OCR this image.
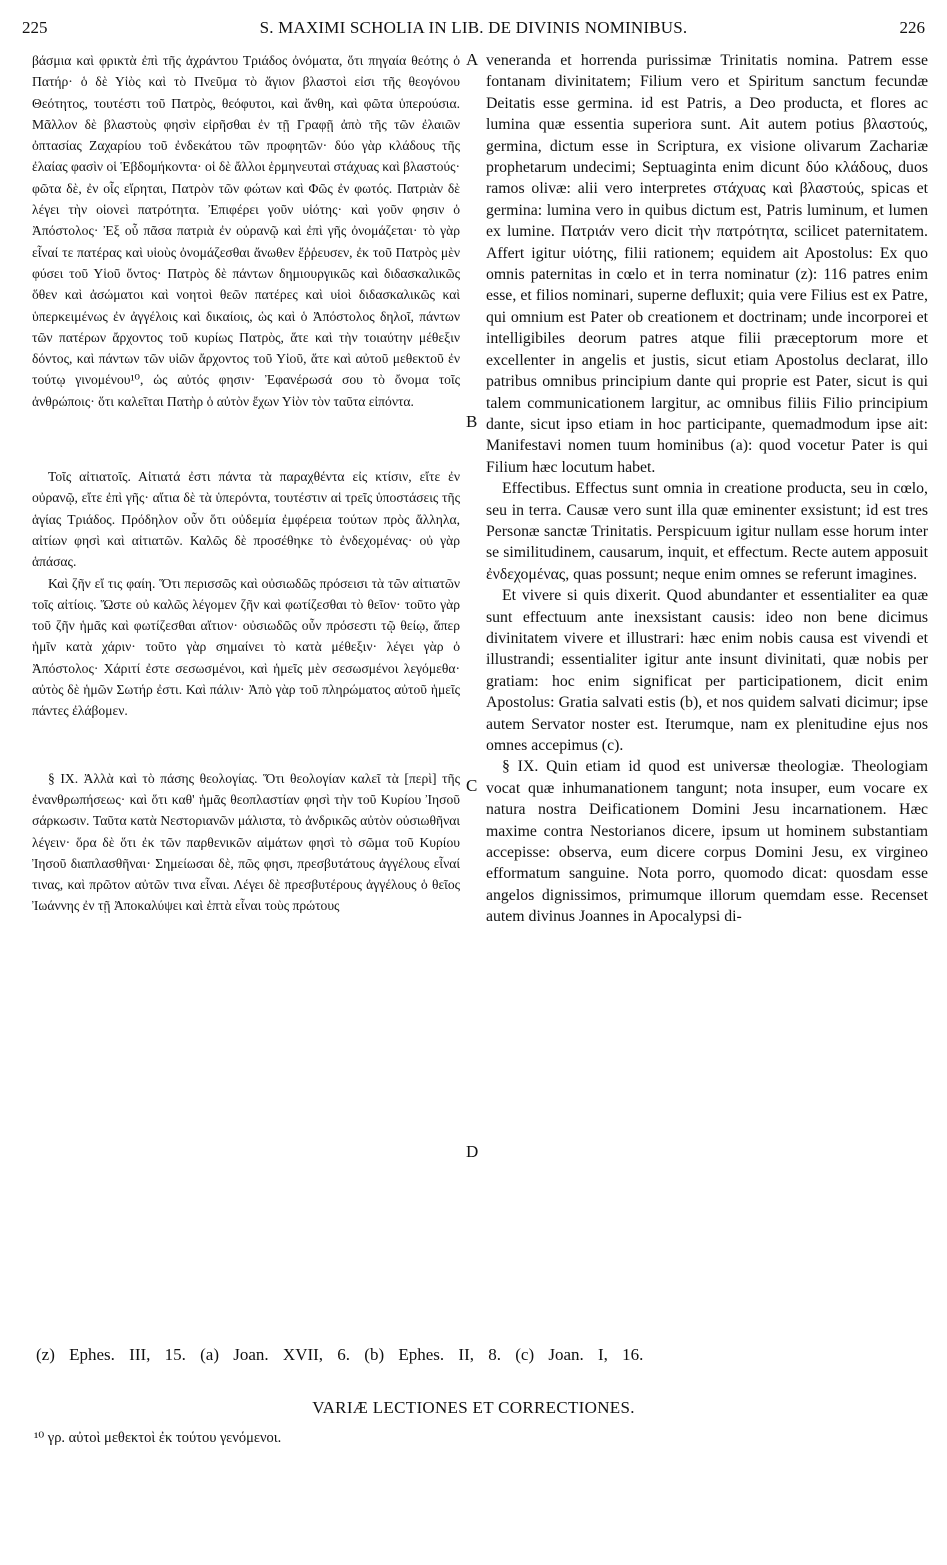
225	S. MAXIMI SCHOLIA IN LIB. DE DIVINIS NOMINIBUS.	226

βάσμια καὶ φρικτὰ ἐπὶ τῆς ἀχράντου Τριάδος ὀνόματα, ὅτι πηγαία θεότης ὁ Πατήρ· ὁ δὲ Υἱὸς καὶ τὸ Πνεῦμα τὸ ἅγιον βλαστοὶ εἰσι τῆς θεογόνου Θεότητος, τουτέστι τοῦ Πατρὸς, θεόφυτοι, καὶ ἄνθη, καὶ φῶτα ὑπερούσια. Μᾶλλον δὲ βλαστοὺς φησὶν εἰρῆσθαι ἐν τῇ Γραφῇ ἀπὸ τῆς τῶν ἐλαιῶν ὀπτασίας Ζαχαρίου τοῦ ἐνδεκάτου τῶν προφητῶν· δύο γὰρ κλάδους τῆς ἐλαίας φασὶν οἱ Ἑβδομήκοντα· οἱ δὲ ἄλλοι ἑρμηνευταὶ στάχυας καὶ βλαστούς· φῶτα δὲ, ἐν οἷς εἴρηται, Πατρὸν τῶν φώτων καὶ Φῶς ἐν φωτός. Πατριὰν δὲ λέγει τὴν οἱονεὶ πατρότητα. Ἐπιφέρει γοῦν υἱότης· καὶ γοῦν φησιν ὁ Ἀπόστολος· Ἐξ οὗ πᾶσα πατριὰ ἐν οὐρανῷ καὶ ἐπὶ γῆς ὀνομάζεται· τὸ γὰρ εἶναί τε πατέρας καὶ υἱοὺς ὀνομάζεσθαι ἄνωθεν ἔῤῥευσεν, ἐκ τοῦ Πατρὸς μὲν φύσει τοῦ Υἱοῦ ὄντος· Πατρὸς δὲ πάντων δημιουργικῶς καὶ διδασκαλικῶς ὅθεν καὶ ἀσώματοι καὶ νοητοὶ θεῶν πατέρες καὶ υἱοὶ διδασκαλικῶς καὶ ὑπερκειμένως ἐν ἀγγέλοις καὶ δικαίοις, ὡς καὶ ὁ Ἀπόστολος δηλοῖ, πάντων τῶν πατέρων ἄρχοντος τοῦ κυρίως Πατρὸς, ἅτε καὶ τὴν τοιαύτην μέθεξιν δόντος, καὶ πάντων τῶν υἱῶν ἄρχοντος τοῦ Υἱοῦ, ἅτε καὶ αὐτοῦ μεθεκτοῦ ἐν τούτῳ γινομένου¹⁰, ὡς αὐτός φησιν· Ἐφανέρωσά σου τὸ ὄνομα τοῖς ἀνθρώποις· ὅτι καλεῖται Πατὴρ ὁ αὐτὸν ἔχων Υἱὸν τὸν ταῦτα εἰπόντα.

Τοῖς αἰτιατοῖς. Αἰτιατά ἐστι πάντα τὰ παραχθέντα εἰς κτίσιν, εἴτε ἐν οὐρανῷ, εἴτε ἐπὶ γῆς· αἴτια δὲ τὰ ὑπερόντα, τουτέστιν αἱ τρεῖς ὑποστάσεις τῆς ἁγίας Τριάδος. Πρόδηλον οὖν ὅτι οὐδεμία ἐμφέρεια τούτων πρὸς ἄλληλα, αἰτίων φησὶ καὶ αἰτιατῶν. Καλῶς δὲ προσέθηκε τὸ ἐνδεχομένας· οὐ γὰρ ἁπάσας.

Καὶ ζῆν εἴ τις φαίη. Ὅτι περισσῶς καὶ οὐσιωδῶς πρόσεισι τὰ τῶν αἰτιατῶν τοῖς αἰτίοις. Ὥστε οὐ καλῶς λέγομεν ζῆν καὶ φωτίζεσθαι τὸ θεῖον· τοῦτο γὰρ τοῦ ζῆν ἡμᾶς καὶ φωτίζεσθαι αἴτιον· οὐσιωδῶς οὖν πρόσεστι τῷ θείῳ, ἅπερ ἡμῖν κατὰ χάριν· τοῦτο γὰρ σημαίνει τὸ κατὰ μέθεξιν· λέγει γὰρ ὁ Ἀπόστολος· Χάριτί ἐστε σεσωσμένοι, καὶ ἡμεῖς μὲν σεσωσμένοι λεγόμεθα· αὐτὸς δὲ ἡμῶν Σωτήρ ἐστι. Καὶ πάλιν· Ἀπὸ γὰρ τοῦ πληρώματος αὐτοῦ ἡμεῖς πάντες ἐλάβομεν.

§ IX. Ἀλλὰ καὶ τὸ πάσης θεολογίας. Ὅτι θεολογίαν καλεῖ τὰ [περὶ] τῆς ἐνανθρωπήσεως· καὶ ὅτι καθ' ἡμᾶς θεοπλαστίαν φησὶ τὴν τοῦ Κυρίου Ἰησοῦ σάρκωσιν. Ταῦτα κατὰ Νεστοριανῶν μάλιστα, τὸ ἀνδρικῶς αὐτὸν οὐσιωθῆναι λέγειν· ὅρα δὲ ὅτι ἐκ τῶν παρθενικῶν αἱμάτων φησὶ τὸ σῶμα τοῦ Κυρίου Ἰησοῦ διαπλασθῆναι· Σημείωσαι δὲ, πῶς φησι, πρεσβυτάτους ἀγγέλους εἶναί τινας, καὶ πρῶτον αὐτῶν τινα εἶναι. Λέγει δὲ πρεσβυτέρους ἀγγέλους ὁ θεῖος Ἰωάννης ἐν τῇ Ἀποκαλύψει καὶ ἑπτὰ εἶναι τοὺς πρώτους

A
B
C
D

veneranda et horrenda purissimæ Trinitatis nomina. Patrem esse fontanam divinitatem; Filium vero et Spiritum sanctum fecundæ Deitatis esse germina. id est Patris, a Deo producta, et flores ac lumina quæ essentia superiora sunt. Ait autem potius βλαστούς, germina, dictum esse in Scriptura, ex visione olivarum Zachariæ prophetarum undecimi; Septuaginta enim dicunt δύο κλάδους, duos ramos olivæ: alii vero interpretes στάχυας καὶ βλαστούς, spicas et germina: lumina vero in quibus dictum est, Patris luminum, et lumen ex lumine. Πατριάν vero dicit τὴν πατρότητα, scilicet paternitatem. Affert igitur υἱότης, filii rationem; equidem ait Apostolus: Ex quo omnis paternitas in cœlo et in terra nominatur (z): 116 patres enim esse, et filios nominari, superne defluxit; quia vere Filius est ex Patre, qui omnium est Pater ob creationem et doctrinam; unde incorporei et intelligibiles deorum patres atque filii præceptorum more et excellenter in angelis et justis, sicut etiam Apostolus declarat, illo patribus omnibus principium dante qui proprie est Pater, sicut is qui talem communicationem largitur, ac omnibus filiis Filio principium dante, sicut ipso etiam in hoc participante, quemadmodum ipse ait: Manifestavi nomen tuum hominibus (a): quod vocetur Pater is qui Filium hæc locutum habet.

Effectibus. Effectus sunt omnia in creatione producta, seu in cœlo, seu in terra. Causæ vero sunt illa quæ eminenter exsistunt; id est tres Personæ sanctæ Trinitatis. Perspicuum igitur nullam esse horum inter se similitudinem, causarum, inquit, et effectum. Recte autem apposuit ἐνδεχομένας, quas possunt; neque enim omnes se referunt imagines.

Et vivere si quis dixerit. Quod abundanter et essentialiter ea quæ sunt effectuum ante inexsistant causis: ideo non bene dicimus divinitatem vivere et illustrari: hæc enim nobis causa est vivendi et illustrandi; essentialiter igitur ante insunt divinitati, quæ nobis per gratiam: hoc enim significat per participationem, dicit enim Apostolus: Gratia salvati estis (b), et nos quidem salvati dicimur; ipse autem Servator noster est. Iterumque, nam ex plenitudine ejus nos omnes accepimus (c).

§ IX. Quin etiam id quod est universæ theologiæ. Theologiam vocat quæ inhumanationem tangunt; nota insuper, eum vocare ex natura nostra Deificationem Domini Jesu incarnationem. Hæc maxime contra Nestorianos dicere, ipsum ut hominem substantiam accepisse: observa, eum dicere corpus Domini Jesu, ex virgineo efformatum sanguine. Nota porro, quomodo dicat: quosdam esse angelos dignissimos, primumque illorum quemdam esse. Recenset autem divinus Joannes in Apocalypsi di-

(z) Ephes. III, 15. (a) Joan. XVII, 6. (b) Ephes. II, 8. (c) Joan. I, 16.
VARIÆ LECTIONES ET CORRECTIONES.
¹⁰ γρ. αὐτοὶ μεθεκτοὶ ἐκ τούτου γενόμενοι.
